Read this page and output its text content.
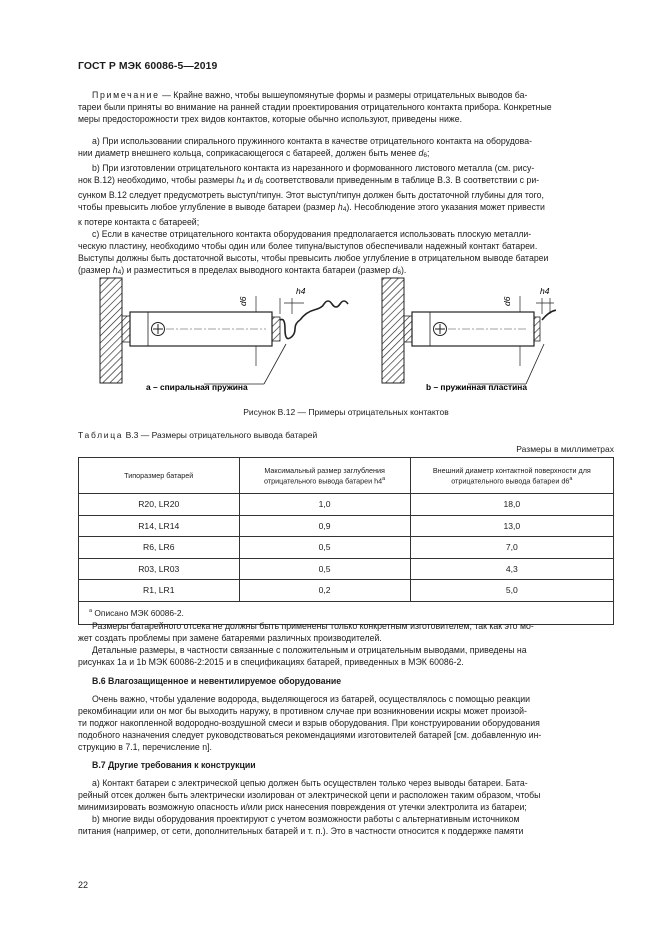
ГОСТ Р МЭК 60086-5—2019

Примечание — Крайне важно, чтобы вышеупомянутые формы и размеры отрицательных выводов ба-

тареи были приняты во внимание на ранней стадии проектирования отрицательного контакта прибора. Конкретные
меры предосторожности трех видов контактов, которые обычно используют, приведены ниже.

а) При использовании спирального пружинного контакта в качестве отрицательного контакта на оборудова-

нии диаметр внешнего кольца, соприкасающегося с батареей, должен быть менее d6;

b) При изготовлении отрицательного контакта из нарезанного и формованного листового металла (см. рису-

нок В.12) необходимо, чтобы размеры h4 и d6 соответствовали приведенным в таблице В.3. В соответствии с ри-
сунком В.12 следует предусмотреть выступ/типун. Этот выступ/типун должен быть достаточной глубины для того,
чтобы превысить любое углубление в выводе батареи (размер h4). Несоблюдение этого указания может привести
к потере контакта с батареей;

с) Если в качестве отрицательного контакта оборудования предполагается использовать плоскую металли-

ческую пластину, необходимо чтобы один или более типуна/выступов обеспечивали надежный контакт батареи.
Выступы должны быть достаточной высоты, чтобы превысить любое углубление в отрицательном выводе батареи
(размер h4) и разместиться в пределах выводного контакта батареи (размер d6).
h4
d6
а – спиральная пружина
h4
d6
b – пружинная пластина
Рисунок В.12 — Примеры отрицательных контактов
Таблица В.3 — Размеры отрицательного вывода батарей
Размеры в миллиметрах
Типоразмер батарей	Максимальный размер заглубления отрицательного вывода батареи h4$^a$	Внешний диаметр контактной поверхности для отрицательного вывода батареи d6$^a$
R20, LR20	1,0	18,0
R14, LR14	0,9	13,0
R6, LR6	0,5	7,0
R03, LR03	0,5	4,3
R1, LR1	0,2	5,0
$^a$ Описано МЭК 60086-2.		

Размеры батарейного отсека не должны быть применены только конкретным изготовителем, так как это мо-

жет создать проблемы при замене батареями различных производителей.

Детальные размеры, в частности связанные с положительным и отрицательным выводами, приведены на

рисунках 1а и 1b МЭК 60086-2:2015 и в спецификациях батарей, приведенных в МЭК 60086-2.

В.6 Влагозащищенное и невентилируемое оборудование

Очень важно, чтобы удаление водорода, выделяющегося из батарей, осуществлялось с помощью реакции

рекомбинации или он мог бы выходить наружу, в противном случае при возникновении искры может произой-
ти поджог накопленной водородно-воздушной смеси и взрыв оборудования. При конструировании оборудования
подобного назначения следует руководствоваться рекомендациями изготовителей батарей [см. добавленную ин-
струкцию в 7.1, перечисление n].

В.7 Другие требования к конструкции

а) Контакт батареи с электрической цепью должен быть осуществлен только через выводы батареи. Бата-

рейный отсек должен быть электрически изолирован от электрической цепи и расположен таким образом, чтобы
минимизировать возможную опасность и/или риск нанесения повреждения от утечки электролита из батареи;

b) многие виды оборудования проектируют с учетом возможности работы с альтернативным источником

питания (например, от сети, дополнительных батарей и т. п.). Это в частности относится к поддержке памяти
22
